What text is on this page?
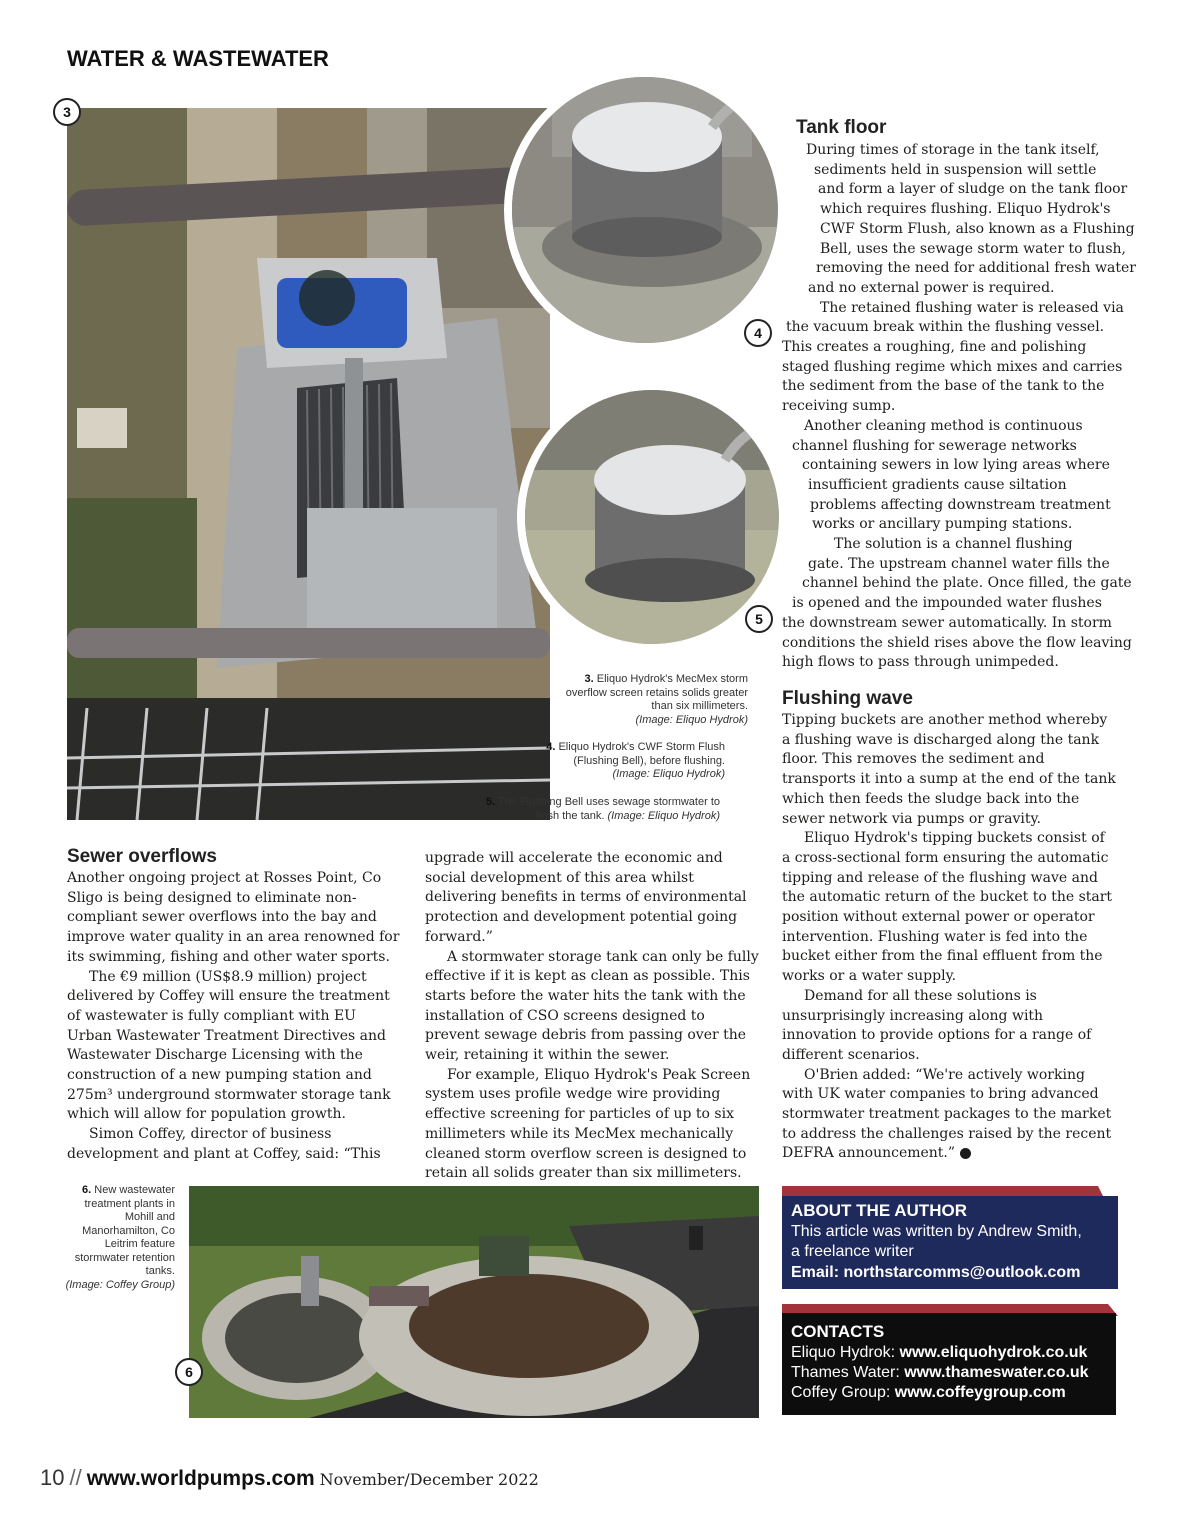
WATER & WASTEWATER
3
4
5
3. Eliquo Hydrok's MecMex storm overflow screen retains solids greater than six millimeters.
(Image: Eliquo Hydrok)
4. Eliquo Hydrok's CWF Storm Flush (Flushing Bell), before flushing.
(Image: Eliquo Hydrok)
5. The Flushing Bell uses sewage stormwater to flush the tank. (Image: Eliquo Hydrok)
Tank floor

During times of storage in the tank itself,

sediments held in suspension will settle

and form a layer of sludge on the tank floor

which requires flushing. Eliquo Hydrok's

CWF Storm Flush, also known as a Flushing

Bell, uses the sewage storm water to flush,

removing the need for additional fresh water

and no external power is required.

The retained flushing water is released via

the vacuum break within the flushing vessel.

This creates a roughing, fine and polishing

staged flushing regime which mixes and carries

the sediment from the base of the tank to the

receiving sump.

Another cleaning method is continuous

channel flushing for sewerage networks

containing sewers in low lying areas where

insufficient gradients cause siltation

problems affecting downstream treatment

works or ancillary pumping stations.

The solution is a channel flushing

gate. The upstream channel water fills the

channel behind the plate. Once filled, the gate

is opened and the impounded water flushes

the downstream sewer automatically. In storm

conditions the shield rises above the flow leaving

high flows to pass through unimpeded.

Flushing wave

Tipping buckets are another method whereby a flushing wave is discharged along the tank floor. This removes the sediment and transports it into a sump at the end of the tank which then feeds the sludge back into the sewer network via pumps or gravity.

Eliquo Hydrok's tipping buckets consist of a cross-sectional form ensuring the automatic tipping and release of the flushing wave and the automatic return of the bucket to the start position without external power or operator intervention. Flushing water is fed into the bucket either from the final effluent from the works or a water supply.

Demand for all these solutions is unsurprisingly increasing along with innovation to provide options for a range of different scenarios.

O'Brien added: “We're actively working with UK water companies to bring advanced stormwater treatment packages to the market to address the challenges raised by the recent DEFRA announcement.”

Sewer overflows

Another ongoing project at Rosses Point, Co Sligo is being designed to eliminate non-compliant sewer overflows into the bay and improve water quality in an area renowned for its swimming, fishing and other water sports.

The €9 million (US$8.9 million) project delivered by Coffey will ensure the treatment of wastewater is fully compliant with EU Urban Wastewater Treatment Directives and Wastewater Discharge Licensing with the construction of a new pumping station and 275m³ underground stormwater storage tank which will allow for population growth.

Simon Coffey, director of business development and plant at Coffey, said: “This

upgrade will accelerate the economic and social development of this area whilst delivering benefits in terms of environmental protection and development potential going forward.”

A stormwater storage tank can only be fully effective if it is kept as clean as possible. This starts before the water hits the tank with the installation of CSO screens designed to prevent sewage debris from passing over the weir, retaining it within the sewer.

For example, Eliquo Hydrok's Peak Screen system uses profile wedge wire providing effective screening for particles of up to six millimeters while its MecMex mechanically cleaned storm overflow screen is designed to retain all solids greater than six millimeters.

6. New wastewater treatment plants in Mohill and Manorhamilton, Co Leitrim feature stormwater retention tanks.
(Image: Coffey Group)
6
ABOUT THE AUTHOR
This article was written by Andrew Smith,
a freelance writer
Email: northstarcomms@outlook.com
CONTACTS
Eliquo Hydrok: www.eliquohydrok.co.uk
Thames Water: www.thameswater.co.uk
Coffey Group: www.coffeygroup.com
10 // www.worldpumps.com November/December 2022
